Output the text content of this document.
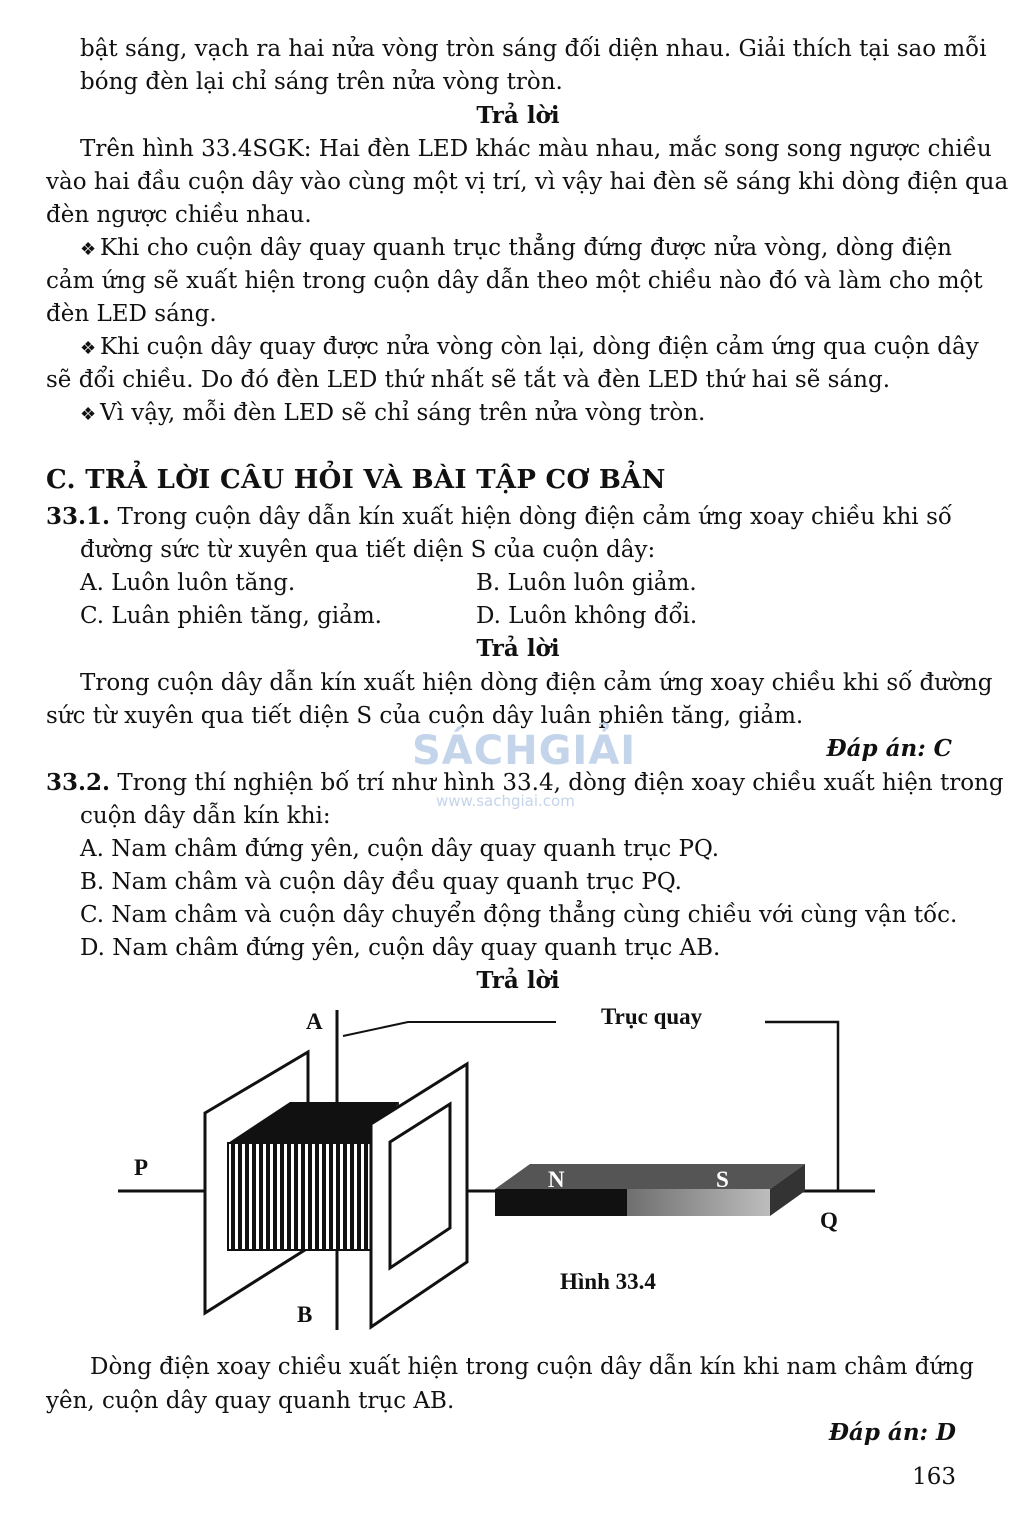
bật sáng, vạch ra hai nửa vòng tròn sáng đối diện nhau. Giải thích tại sao mỗi
bóng đèn lại chỉ sáng trên nửa vòng tròn.
Trả lời
Trên hình 33.4SGK: Hai đèn LED khác màu nhau, mắc song song ngược chiều
vào hai đầu cuộn dây vào cùng một vị trí, vì vậy hai đèn sẽ sáng khi dòng điện qua
đèn ngược chiều nhau.
❖ Khi cho cuộn dây quay quanh trục thẳng đứng được nửa vòng, dòng điện
cảm ứng sẽ xuất hiện trong cuộn dây dẫn theo một chiều nào đó và làm cho một
đèn LED sáng.
❖ Khi cuộn dây quay được nửa vòng còn lại, dòng điện cảm ứng qua cuộn dây
sẽ đổi chiều. Do đó đèn LED thứ nhất sẽ tắt và đèn LED thứ hai sẽ sáng.
❖ Vì vậy, mỗi đèn LED sẽ chỉ sáng trên nửa vòng tròn.
C. TRẢ LỜI CÂU HỎI VÀ BÀI TẬP CƠ BẢN
33.1. Trong cuộn dây dẫn kín xuất hiện dòng điện cảm ứng xoay chiều khi số
đường sức từ xuyên qua tiết diện S của cuộn dây:
A. Luôn luôn tăng.	B. Luôn luôn giảm.
C. Luân phiên tăng, giảm.	D. Luôn không đổi.
Trả lời
Trong cuộn dây dẫn kín xuất hiện dòng điện cảm ứng xoay chiều khi số đường
sức từ xuyên qua tiết diện S của cuộn dây luân phiên tăng, giảm.
Đáp án: C
SÁCHGIẢI
www.sachgiai.com
33.2. Trong thí nghiện bố trí như hình 33.4, dòng điện xoay chiều xuất hiện trong
cuộn dây dẫn kín khi:
A. Nam châm đứng yên, cuộn dây quay quanh trục PQ.
B. Nam châm và cuộn dây đều quay quanh trục PQ.
C. Nam châm và cuộn dây chuyển động thẳng cùng chiều với cùng vận tốc.
D. Nam châm đứng yên, cuộn dây quay quanh trục AB.
Trả lời
A
B
P
Q
Trục quay
N	S
Hình 33.4
Dòng điện xoay chiều xuất hiện trong cuộn dây dẫn kín khi nam châm đứng
yên, cuộn dây quay quanh trục AB.
Đáp án: D
163
